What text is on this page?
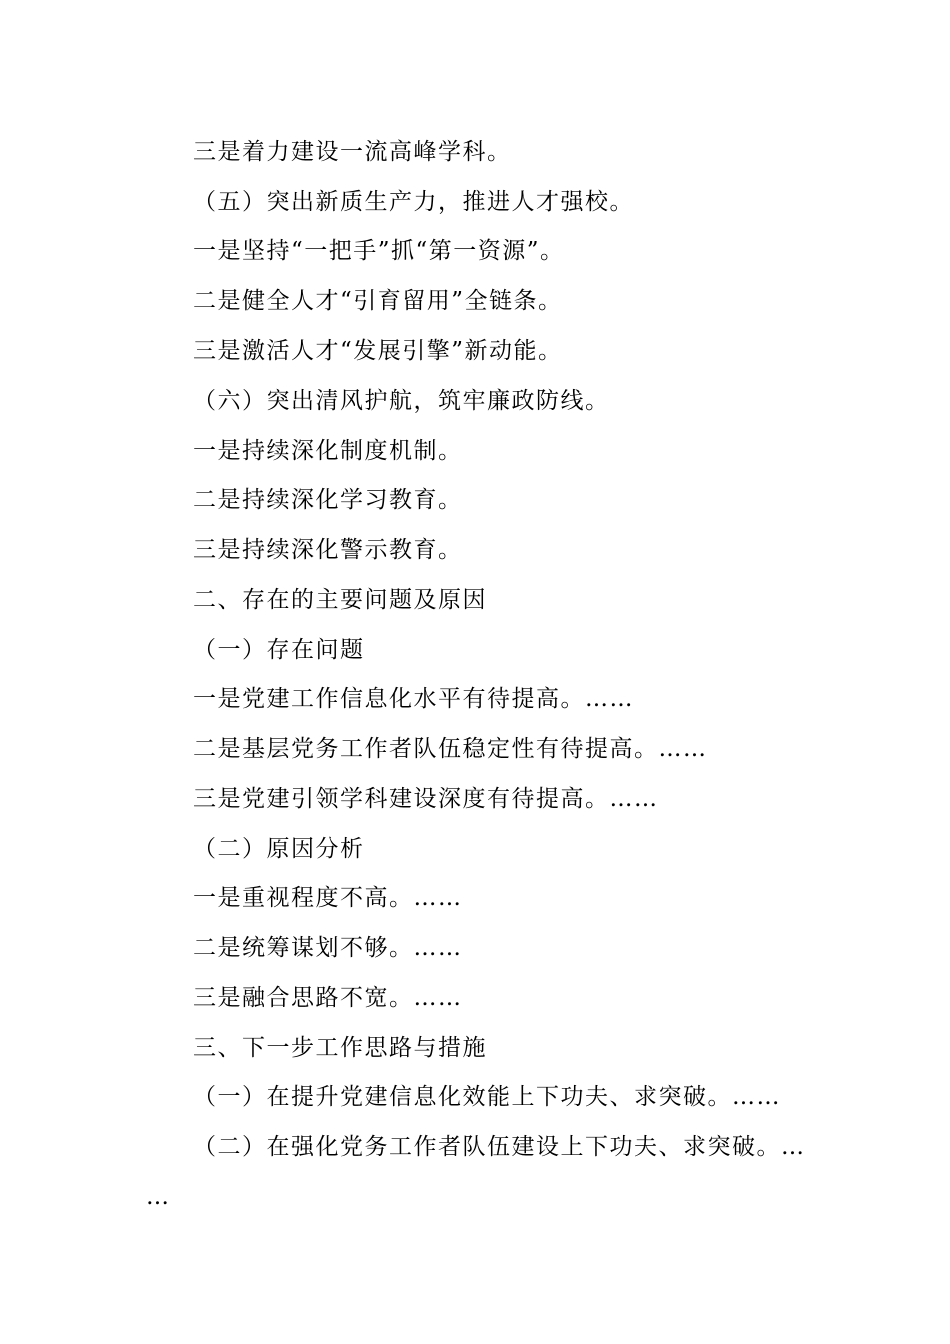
三是着力建设一流高峰学科。
（五）突出新质生产力，推进人才强校。
一是坚持“一把手”抓“第一资源”。
二是健全人才“引育留用”全链条。
三是激活人才“发展引擎”新动能。
（六）突出清风护航，筑牢廉政防线。
一是持续深化制度机制。
二是持续深化学习教育。
三是持续深化警示教育。
二、存在的主要问题及原因
（一）存在问题
一是党建工作信息化水平有待提高。……
二是基层党务工作者队伍稳定性有待提高。……
三是党建引领学科建设深度有待提高。……
（二）原因分析
一是重视程度不高。……
二是统筹谋划不够。……
三是融合思路不宽。……
三、下一步工作思路与措施
（一）在提升党建信息化效能上下功夫、求突破。……
（二）在强化党务工作者队伍建设上下功夫、求突破。…
…
